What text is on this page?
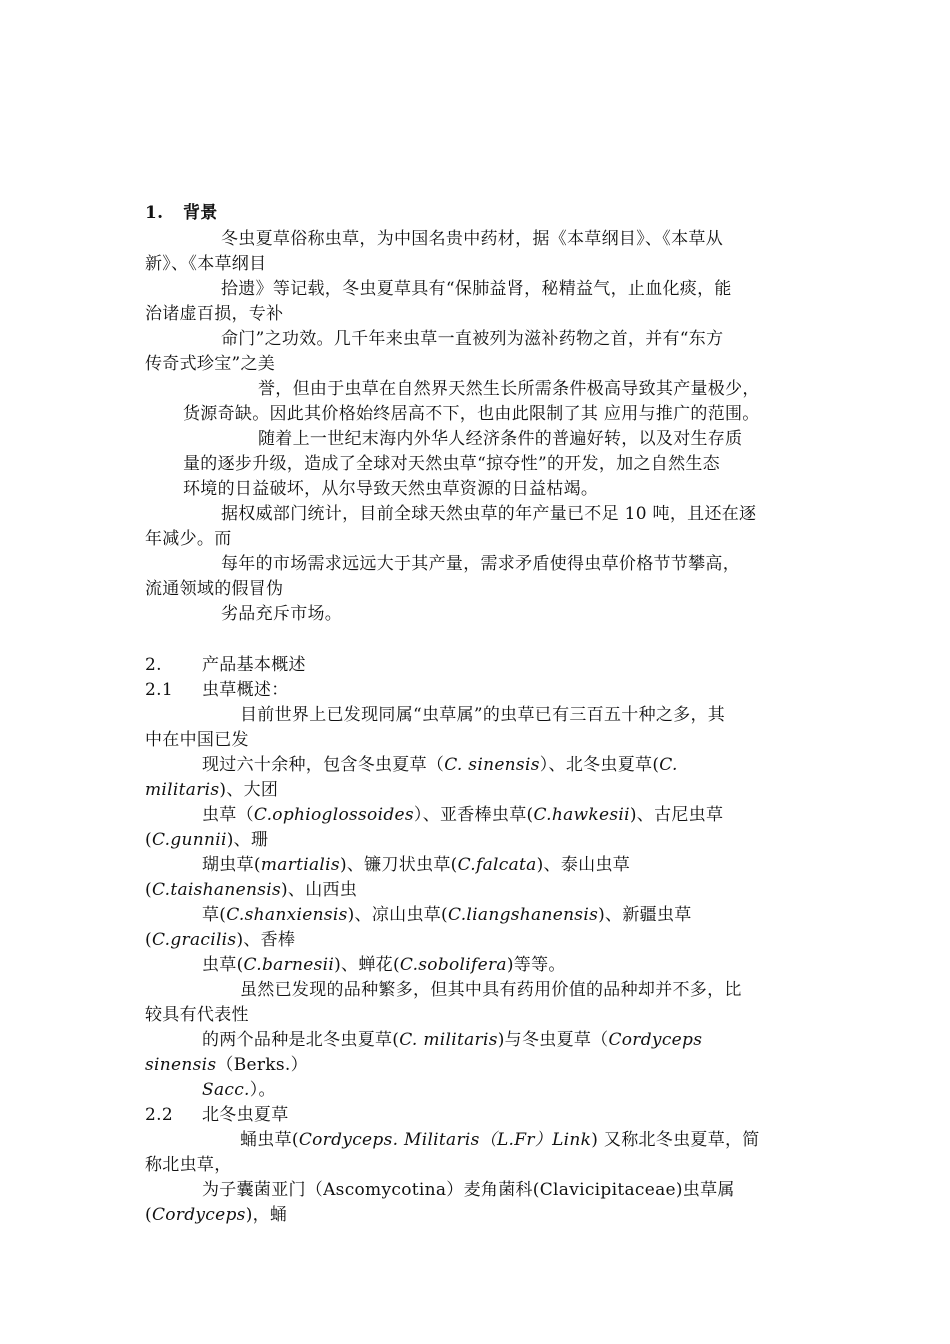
1. 背景
冬虫夏草俗称虫草，为中国名贵中药材，据《本草纲目》、《本草从
新》、《本草纲目
拾遗》等记载，冬虫夏草具有“保肺益肾，秘精益气，止血化痰，能
治诸虚百损，专补
命门”之功效。几千年来虫草一直被列为滋补药物之首，并有“东方
传奇式珍宝”之美
誉，但由于虫草在自然界天然生长所需条件极高导致其产量极少，
货源奇缺。因此其价格始终居高不下，也由此限制了其 应用与推广的范围。
随着上一世纪末海内外华人经济条件的普遍好转，以及对生存质
量的逐步升级，造成了全球对天然虫草“掠夺性”的开发，加之自然生态
环境的日益破坏，从尔导致天然虫草资源的日益枯竭。
据权威部门统计，目前全球天然虫草的年产量已不足 10 吨，且还在逐
年减少。而
每年的市场需求远远大于其产量，需求矛盾使得虫草价格节节攀高，
流通领域的假冒伪
劣品充斥市场。
2. 产品基本概述
2.1 虫草概述：
目前世界上已发现同属“虫草属”的虫草已有三百五十种之多，其
中在中国已发
现过六十余种，包含冬虫夏草（C. sinensis）、北冬虫夏草(C.
militaris)、大团
虫草（C.ophioglossoides）、亚香棒虫草(C.hawkesii)、古尼虫草
(C.gunnii)、珊
瑚虫草(martialis)、镰刀状虫草(C.falcata)、泰山虫草
(C.taishanensis)、山西虫
草(C.shanxiensis)、凉山虫草(C.liangshanensis)、新疆虫草
(C.gracilis)、香棒
虫草(C.barnesii)、蝉花(C.sobolifera)等等。
虽然已发现的品种繁多，但其中具有药用价值的品种却并不多，比
较具有代表性
的两个品种是北冬虫夏草(C. militaris)与冬虫夏草（Cordyceps
sinensis（Berks.）
Sacc.）。
2.2 北冬虫夏草
蛹虫草(Cordyceps. Militaris（L.Fr）Link) 又称北冬虫夏草，简
称北虫草，
为子囊菌亚门（Ascomycotina）麦角菌科(Clavicipitaceae)虫草属
(Cordyceps)，蛹
